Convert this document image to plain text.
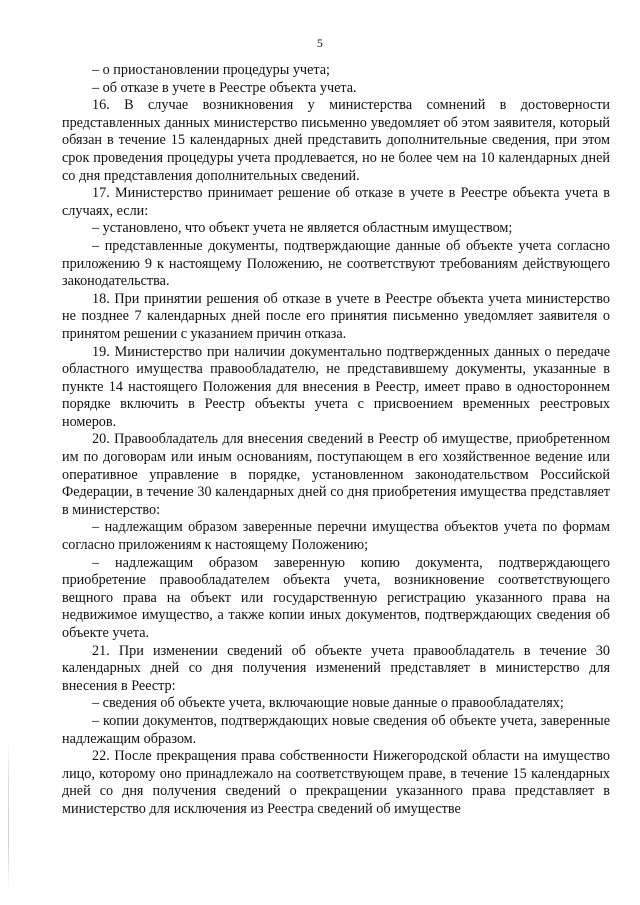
5

– о приостановлении процедуры учета;

– об отказе в учете в Реестре объекта учета.

16. В случае возникновения у министерства сомнений в достоверности представленных данных министерство письменно уведомляет об этом заявителя, который обязан в течение 15 календарных дней представить дополнительные сведения, при этом срок проведения процедуры учета продлевается, но не более чем на 10 календарных дней со дня представления дополнительных сведений.

17. Министерство принимает решение об отказе в учете в Реестре объекта учета в случаях, если:

– установлено, что объект учета не является областным имуществом;

– представленные документы, подтверждающие данные об объекте учета согласно приложению 9 к настоящему Положению, не соответствуют требованиям действующего законодательства.

18. При принятии решения об отказе в учете в Реестре объекта учета министерство не позднее 7 календарных дней после его принятия письменно уведомляет заявителя о принятом решении с указанием причин отказа.

19. Министерство при наличии документально подтвержденных данных о передаче областного имущества правообладателю, не представившему документы, указанные в пункте 14 настоящего Положения для внесения в Реестр, имеет право в одностороннем порядке включить в Реестр объекты учета с присвоением временных реестровых номеров.

20. Правообладатель для внесения сведений в Реестр об имуществе, приобретенном им по договорам или иным основаниям, поступающем в его хозяйственное ведение или оперативное управление в порядке, установленном законодательством Российской Федерации, в течение 30 календарных дней со дня приобретения имущества представляет в министерство:

– надлежащим образом заверенные перечни имущества объектов учета по формам согласно приложениям к настоящему Положению;

– надлежащим образом заверенную копию документа, подтверждающего приобретение правообладателем объекта учета, возникновение соответствующего вещного права на объект или государственную регистрацию указанного права на недвижимое имущество, а также копии иных документов, подтверждающих сведения об объекте учета.

21. При изменении сведений об объекте учета правообладатель в течение 30 календарных дней со дня получения изменений представляет в министерство для внесения в Реестр:

– сведения об объекте учета, включающие новые данные о правообладателях;

– копии документов, подтверждающих новые сведения об объекте учета, заверенные надлежащим образом.

22. После прекращения права собственности Нижегородской области на имущество лицо, которому оно принадлежало на соответствующем праве, в течение 15 календарных дней со дня получения сведений о прекращении указанного права представляет в министерство для исключения из Реестра сведений об имуществе
